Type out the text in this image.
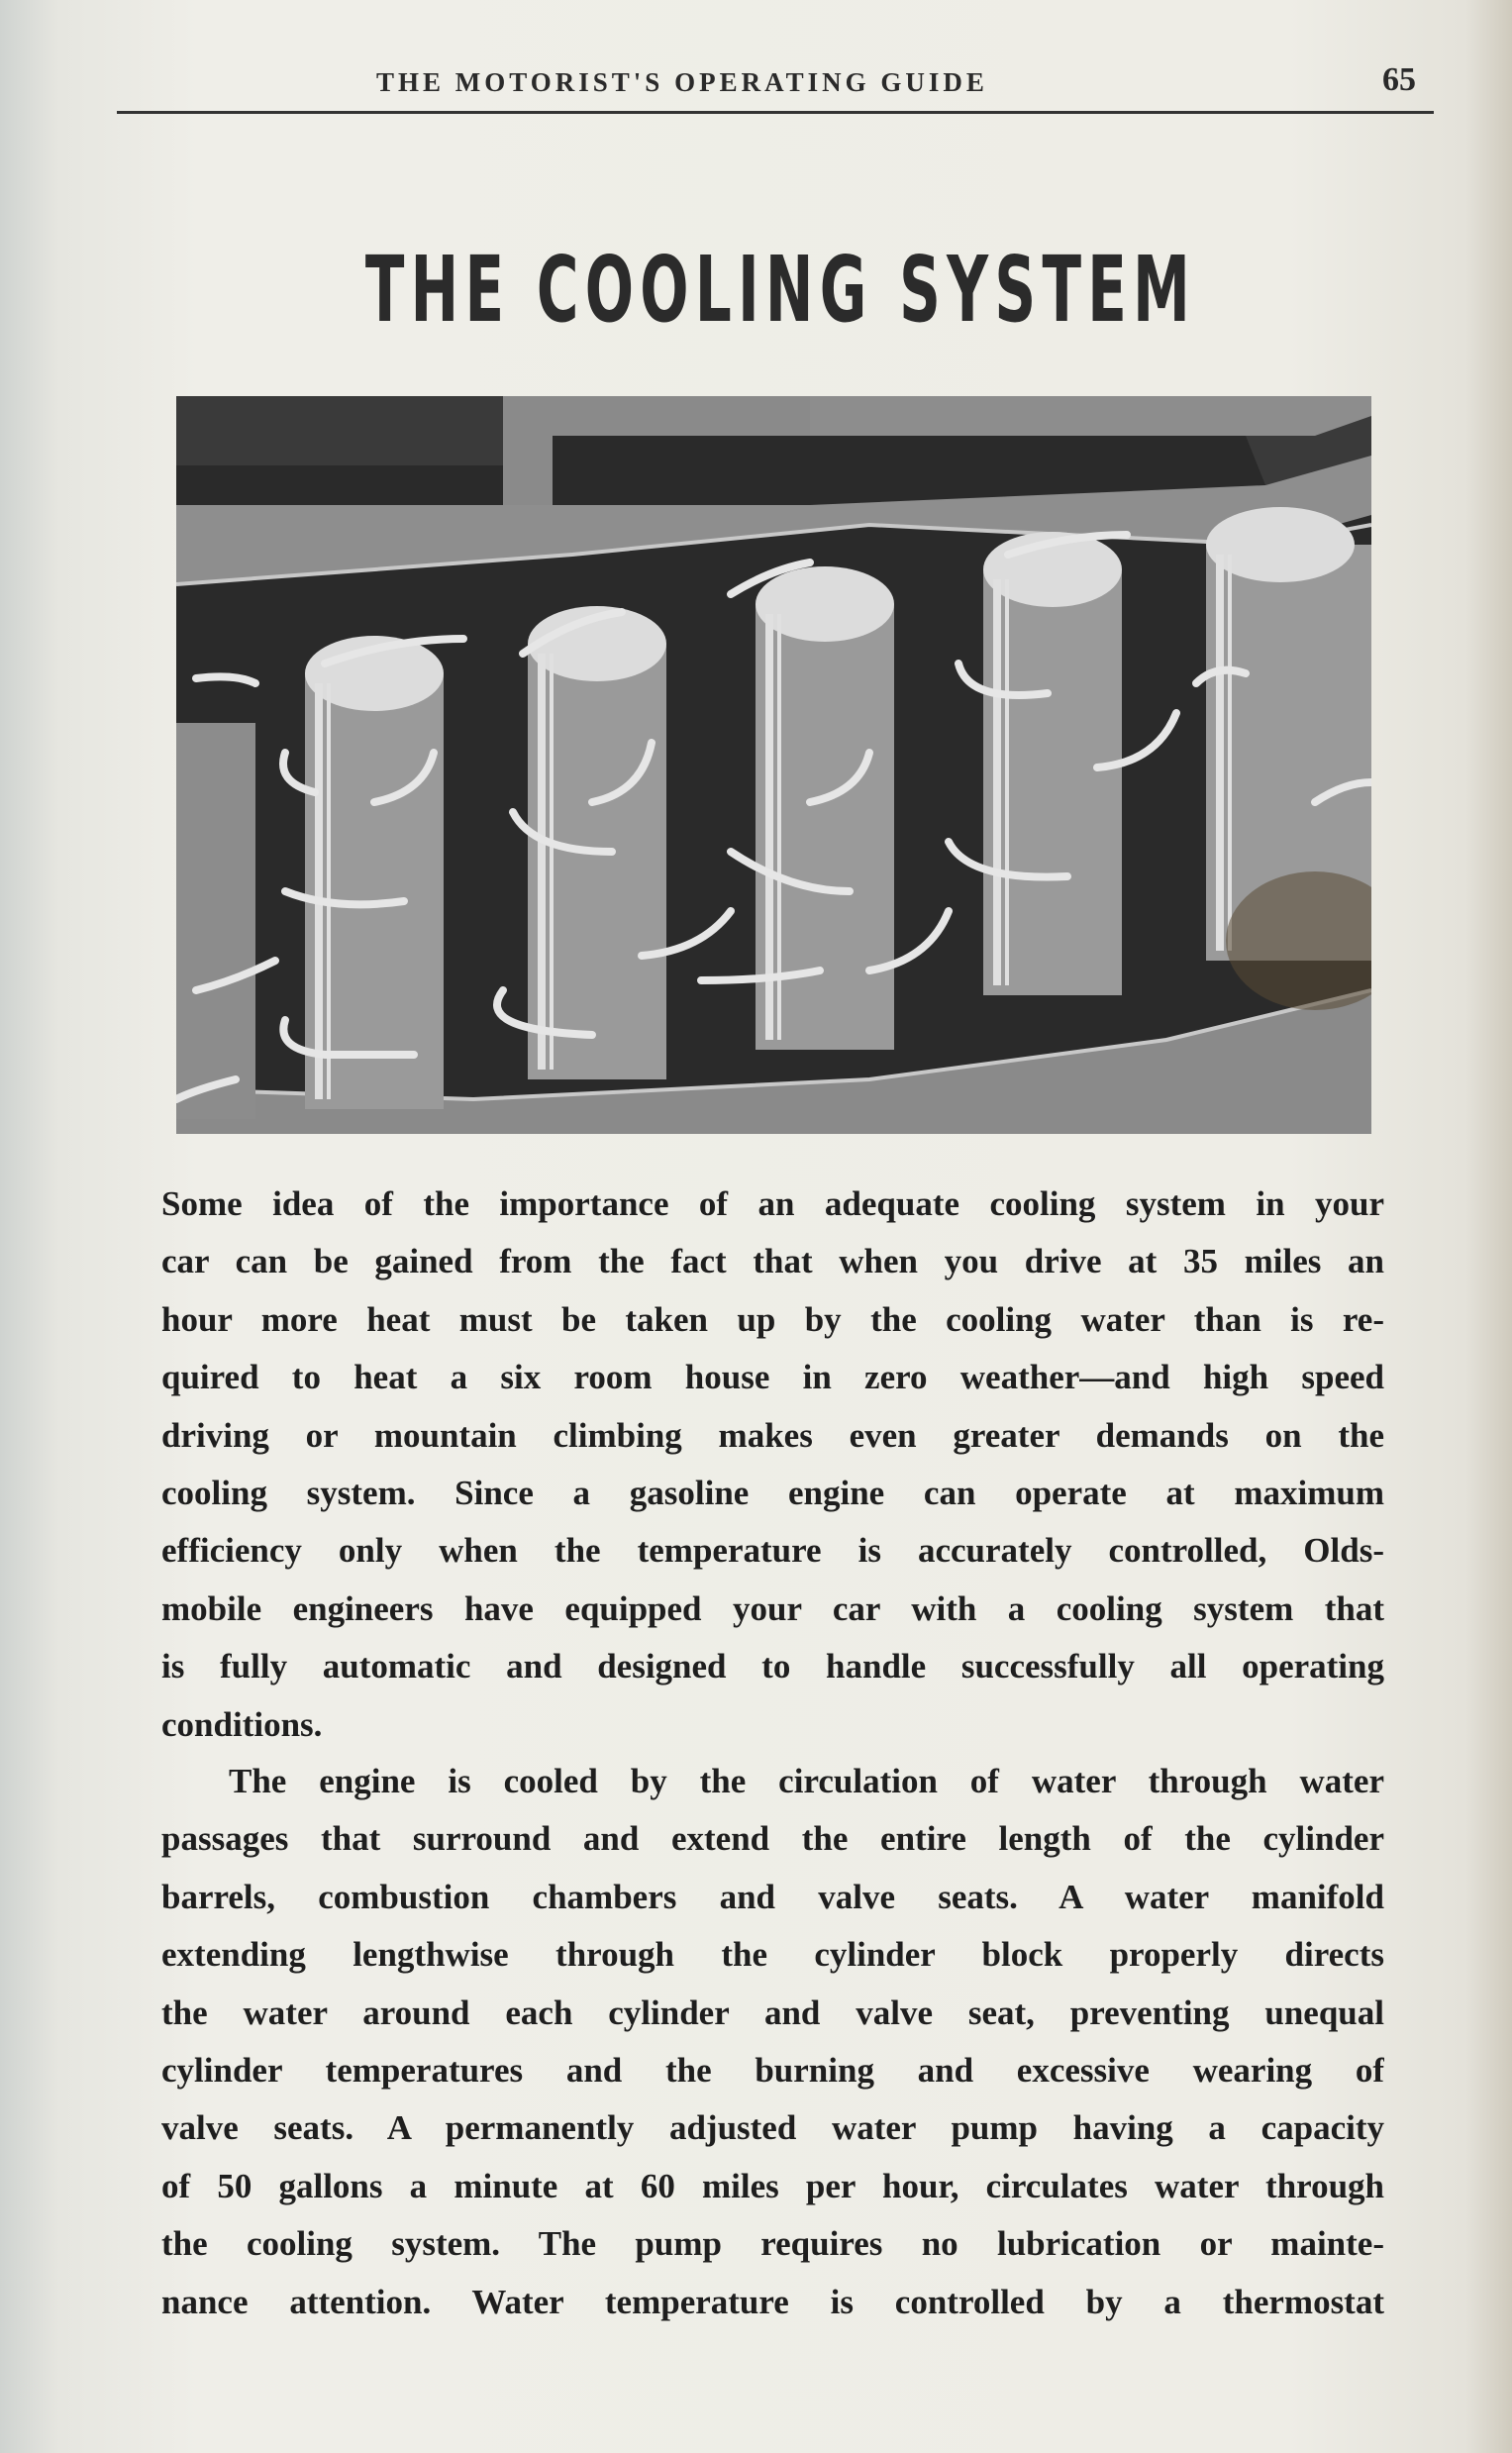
THE MOTORIST'S OPERATING GUIDE	65
THE COOLING SYSTEM
Some idea of the importance of an adequate cooling system in your
car can be gained from the fact that when you drive at 35 miles an
hour more heat must be taken up by the cooling water than is re-
quired to heat a six room house in zero weather—and high speed
driving or mountain climbing makes even greater demands on the
cooling system. Since a gasoline engine can operate at maximum
efficiency only when the temperature is accurately controlled, Olds-
mobile engineers have equipped your car with a cooling system that
is fully automatic and designed to handle successfully all operating
conditions.
The engine is cooled by the circulation of water through water
passages that surround and extend the entire length of the cylinder
barrels, combustion chambers and valve seats. A water manifold
extending lengthwise through the cylinder block properly directs
the water around each cylinder and valve seat, preventing unequal
cylinder temperatures and the burning and excessive wearing of
valve seats. A permanently adjusted water pump having a capacity
of 50 gallons a minute at 60 miles per hour, circulates water through
the cooling system. The pump requires no lubrication or mainte-
nance attention. Water temperature is controlled by a thermostat
